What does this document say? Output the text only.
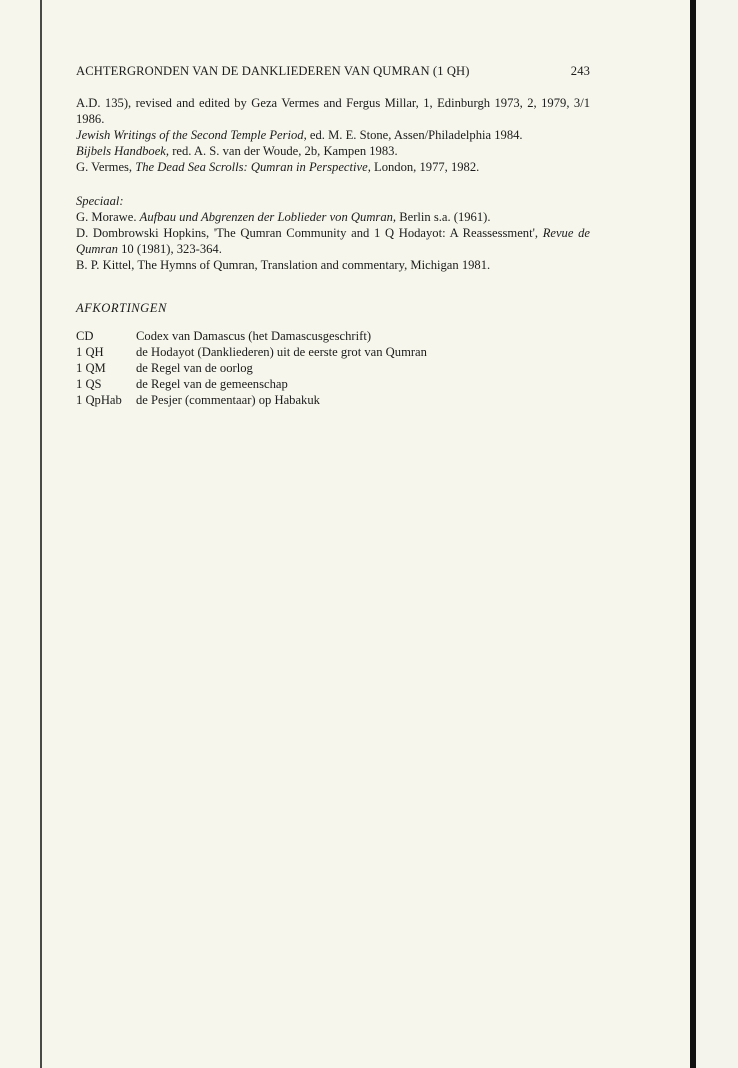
ACHTERGRONDEN VAN DE DANKLIEDEREN VAN QUMRAN (1 QH)	243

A.D. 135), revised and edited by Geza Vermes and Fergus Millar, 1, Edinburgh 1973, 2, 1979, 3/1 1986.

Jewish Writings of the Second Temple Period, ed. M. E. Stone, Assen/Philadelphia 1984.

Bijbels Handboek, red. A. S. van der Woude, 2b, Kampen 1983.

G. Vermes, The Dead Sea Scrolls: Qumran in Perspective, London, 1977, 1982.

Speciaal:

G. Morawe. Aufbau und Abgrenzen der Loblieder von Qumran, Berlin s.a. (1961).

D. Dombrowski Hopkins, 'The Qumran Community and 1 Q Hodayot: A Reassessment', Revue de Qumran 10 (1981), 323-364.

B. P. Kittel, The Hymns of Qumran, Translation and commentary, Michigan 1981.

AFKORTINGEN
CD	Codex van Damascus (het Damascusgeschrift)
1 QH	de Hodayot (Dankliederen) uit de eerste grot van Qumran
1 QM	de Regel van de oorlog
1 QS	de Regel van de gemeenschap
1 QpHab	de Pesjer (commentaar) op Habakuk
